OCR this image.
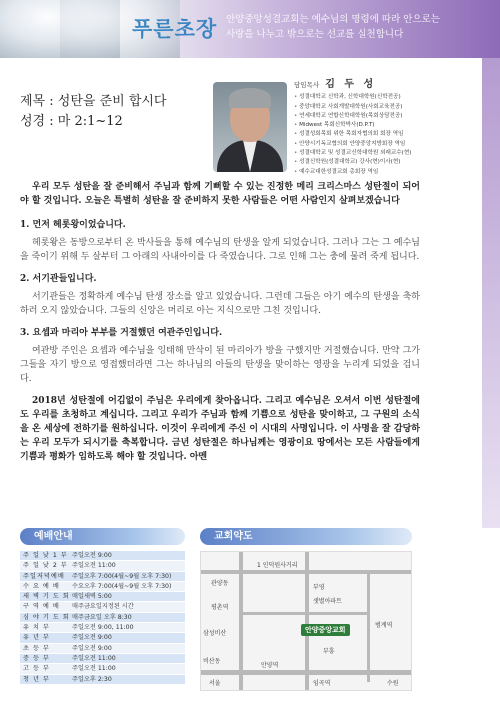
푸른초장 안양중앙성결교회는 예수님의 명령에 따라 안으로는
사랑을 나누고 밖으로는 선교를 실천합니다
제목 : 성탄을 준비 합시다
성경 : 마 2:1~12
담임목사 김 두 성
• 성결대학교 신학과, 신학대학원(신학전공)
• 중앙대학교 사회개발대학원(사회교육전공)
• 연세대학교 연합신학대학원(목회상담전공)
• Midwest 목회신학박사(D.P.T)
• 성결성회목회 위한 목회자협의회 회장 역임
• 안양시기독교협의회 안양중앙지방회장 역임
• 성결대학교 및 성결교신학대학원 외래교수(현)
• 성결신학원(성결대학교) 강사(현)이사(현)
• 예수교대한성결교회 총회장 역임

우리 모두 성탄을 잘 준비해서 주님과 함께 기뻐할 수 있는 진정한 메리 크리스마스 성탄절이 되어야 할 것입니다. 오늘은 특별히 성탄을 잘 준비하지 못한 사람들은 어떤 사람인지 살펴보겠습니다

1. 먼저 헤롯왕이었습니다.

헤롯왕은 동방으로부터 온 박사들을 통해 예수님의 탄생을 알게 되었습니다. 그러나 그는 그 예수님을 죽이기 위해 두 살부터 그 아래의 사내아이를 다 죽였습니다. 그로 인해 그는 충에 물려 죽게 됩니다.

2. 서기관들입니다.

서기관들은 정확하게 예수님 탄생 장소를 알고 있었습니다. 그런데 그들은 아기 예수의 탄생을 축하하러 오지 않았습니다. 그들의 신앙은 머리로 아는 지식으로만 그친 것입니다.

3. 요셉과 마리아 부부를 거절했던 여관주인입니다.

여관방 주인은 요셉과 예수님을 잉태해 만삭이 된 마리아가 방을 구했지만 거절했습니다. 만약 그가 그들을 자기 방으로 영접했더라면 그는 하나님의 아들의 탄생을 맞이하는 영광을 누리게 되었을 겁니다.

2018년 성탄절에 어김없이 주님은 우리에게 찾아옵니다. 그리고 예수님은 오셔서 이번 성탄절에도 우리를 초청하고 계십니다. 그리고 우리가 주님과 함께 기쁨으로 성탄을 맞이하고, 그 구원의 소식을 온 세상에 전하기를 원하십니다. 이것이 우리에게 주신 이 시대의 사명입니다. 이 사명을 잘 감당하는 우리 모두가 되시기를 축복합니다. 금년 성탄절은 하나님께는 영광이요 땅에서는 모든 사람들에게 기쁨과 평화가 임하도록 해야 할 것입니다. 아멘

예배안내
주 일 낮 1 부 주일오전 9:00
주 일 낮 2 부 주일오전 11:00
주일저녁예배	주일오후 7:00(4월~9월 오후 7:30)
수 요 예 배	수요오후 7:00(4월~9월 오후 7:30)
새 벽 기 도 회 매일새벽 5:00
구 역 예 배	매주금요일지정된 시간
심 야 기 도 회 매주금요일 오후 8:30
유 치 부	주일오전 9:00, 11:00
유 년 부	주일오전 9:00
초 등 부	주일오전 9:00
중 등 부	주일오전 11:00
고 등 부	주일오전 11:00
청 년 부	주일오후 2:30
교회약도
1 인덕원사거리
관양동
평촌역
부영
샛별아파트
범계역
삼성비산
비산동
임곡역
부흥
안양역
수원
서울
안양중앙교회
